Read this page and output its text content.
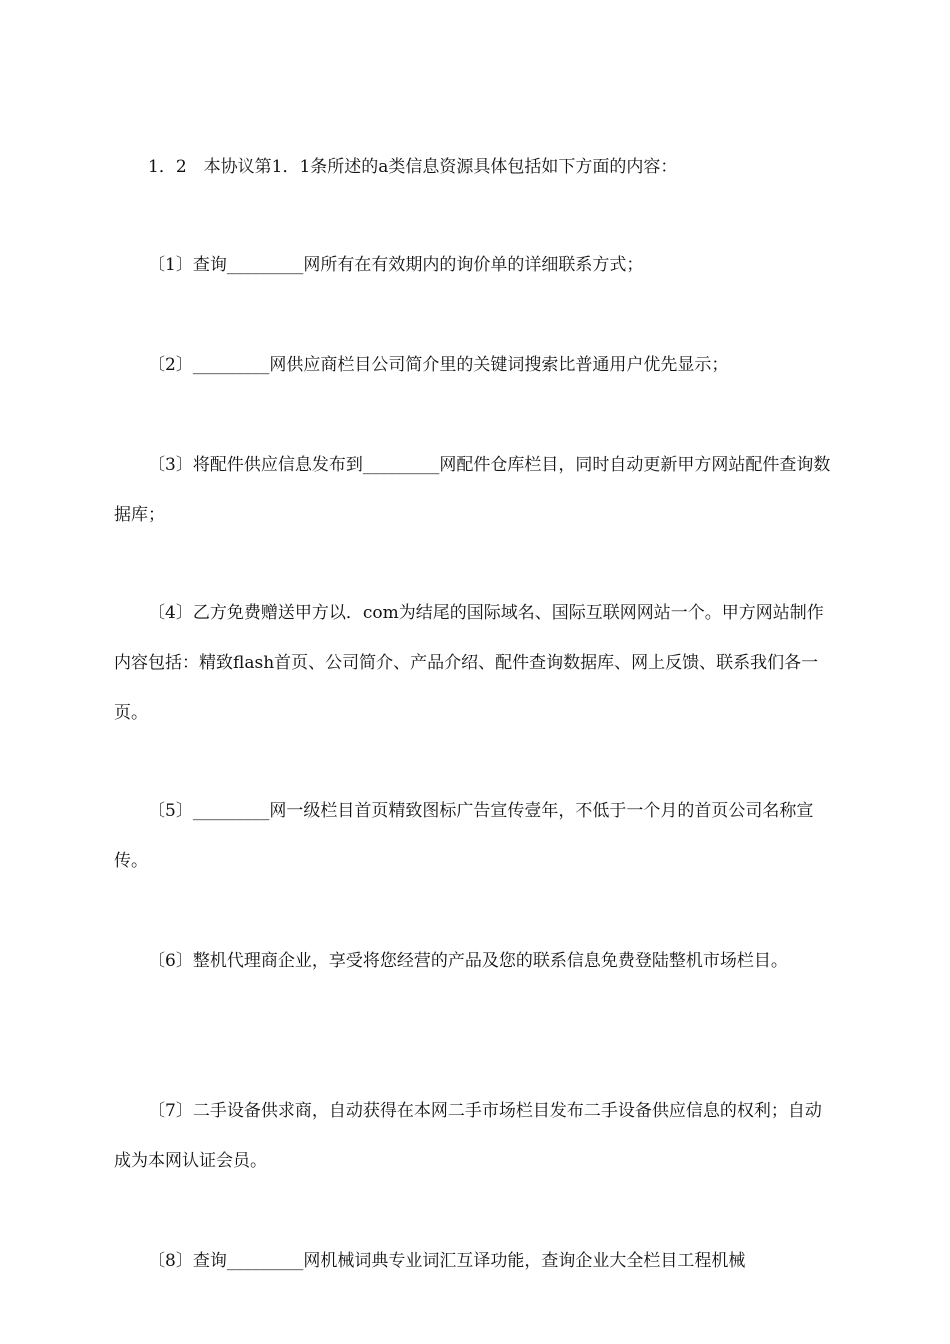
1．2　本协议第1．1条所述的a类信息资源具体包括如下方面的内容：

〔1〕查询_________网所有在有效期内的询价单的详细联系方式；

〔2〕_________网供应商栏目公司简介里的关键词搜索比普通用户优先显示；

〔3〕将配件供应信息发布到_________网配件仓库栏目，同时自动更新甲方网站配件查询数据库；

〔4〕乙方免费赠送甲方以．com为结尾的国际域名、国际互联网网站一个。甲方网站制作内容包括：精致flash首页、公司简介、产品介绍、配件查询数据库、网上反馈、联系我们各一页。

〔5〕_________网一级栏目首页精致图标广告宣传壹年，不低于一个月的首页公司名称宣传。

〔6〕整机代理商企业，享受将您经营的产品及您的联系信息免费登陆整机市场栏目。

〔7〕二手设备供求商，自动获得在本网二手市场栏目发布二手设备供应信息的权利；自动成为本网认证会员。

〔8〕查询_________网机械词典专业词汇互译功能，查询企业大全栏目工程机械
